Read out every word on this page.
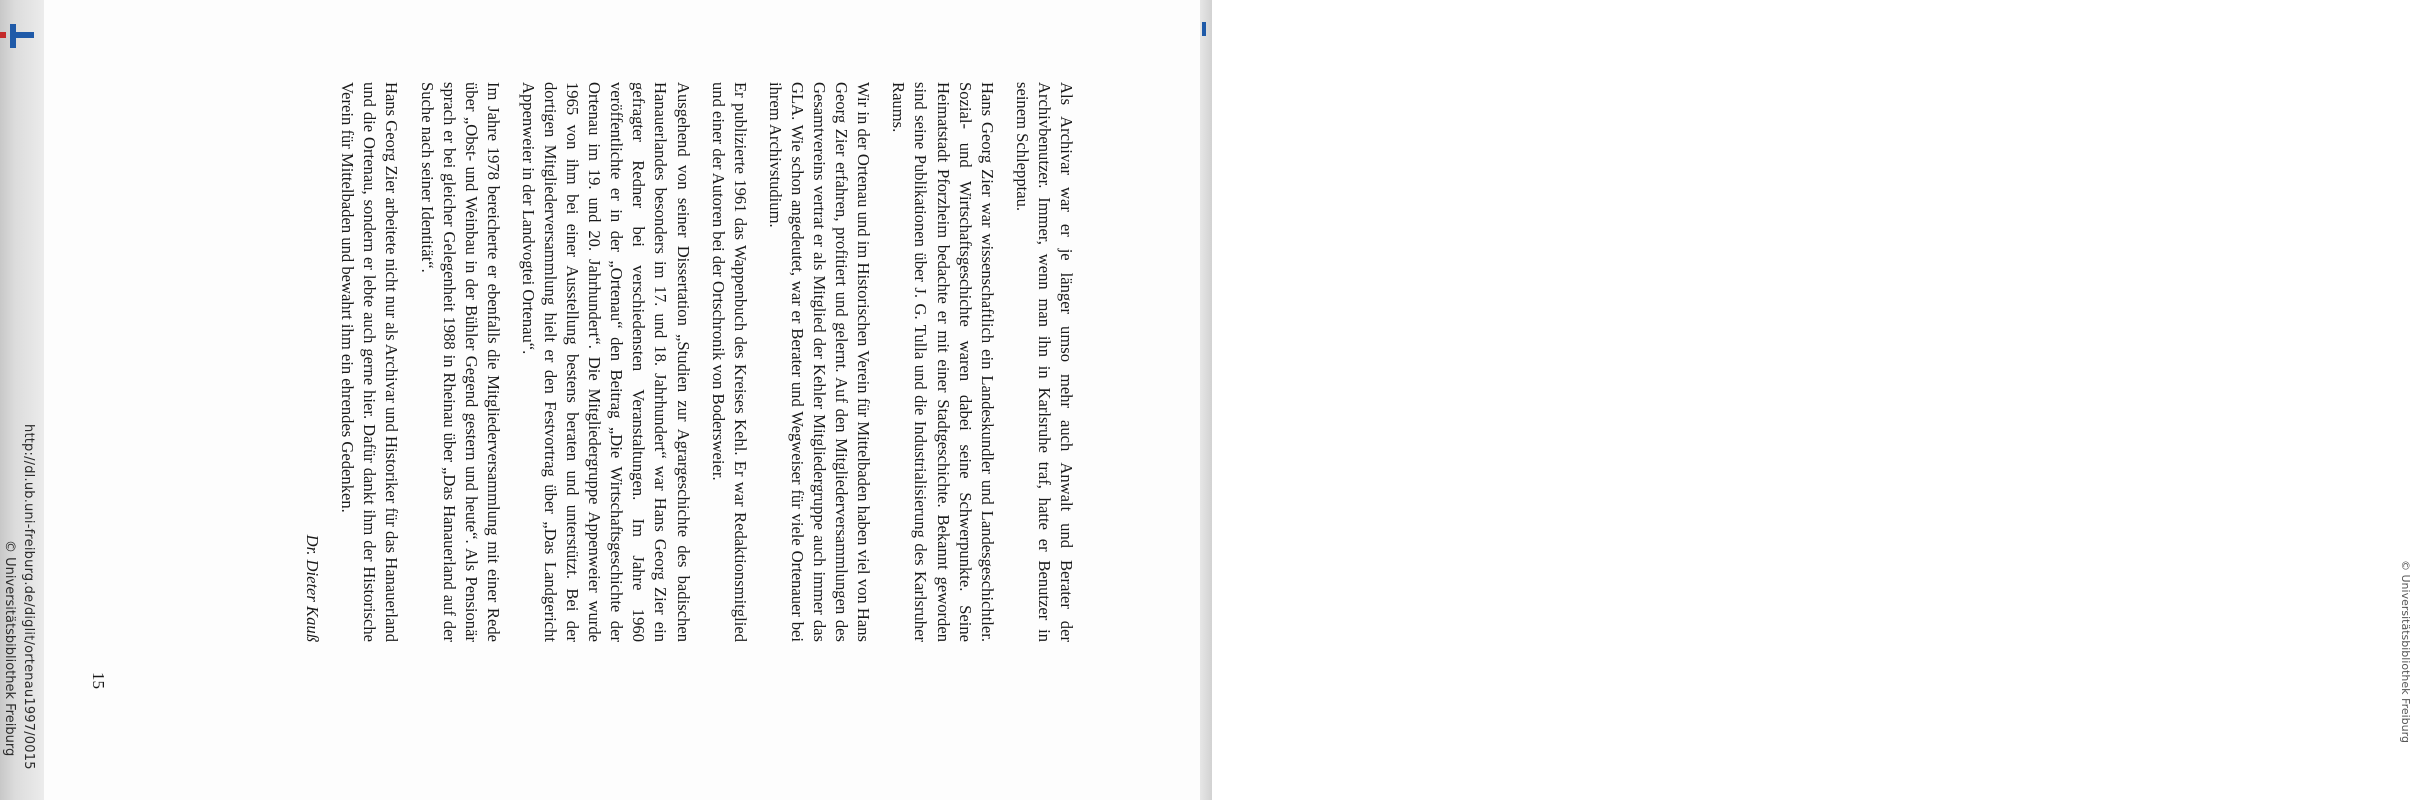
© Universitätsbibliothek Freiburg
http://dl.ub.uni-freiburg.de/diglit/ortenau1997/0015
© Universitätsbibliothek Freiburg

Als Archivar war er je länger umso mehr auch Anwalt und Berater der Archivbenutzer. Immer, wenn man ihn in Karlsruhe traf, hatte er Benutzer in seinem Schlepptau.

Hans Georg Zier war wissenschaftlich ein Landeskundler und Landesgeschichtler. Sozial- und Wirtschaftsgeschichte waren dabei seine Schwerpunkte. Seine Heimatstadt Pforzheim bedachte er mit einer Stadtgeschichte. Bekannt geworden sind seine Publikationen über J. G. Tulla und die Industrialisierung des Karlsruher Raums.

Wir in der Ortenau und im Historischen Verein für Mittelbaden haben viel von Hans Georg Zier erfahren, profitiert und gelernt. Auf den Mitgliederversammlungen des Gesamtvereins vertrat er als Mitglied der Kehler Mitgliedergruppe auch immer das GLA. Wie schon angedeutet, war er Berater und Wegweiser für viele Ortenauer bei ihrem Archivstudium.

Er publizierte 1961 das Wappenbuch des Kreises Kehl. Er war Redaktionsmitglied und einer der Autoren bei der Ortschronik von Bodersweier.

Ausgehend von seiner Dissertation „Studien zur Agrargeschichte des badischen Hanauerlandes besonders im 17. und 18. Jahrhundert“ war Hans Georg Zier ein gefragter Redner bei verschiedensten Veranstaltungen. Im Jahre 1960 veröffentlichte er in der „Ortenau“ den Beitrag „Die Wirtschaftsgeschichte der Ortenau im 19. und 20. Jahrhundert“. Die Mitgliedergruppe Appenweier wurde 1965 von ihm bei einer Ausstellung bestens beraten und unterstützt. Bei der dortigen Mitgliederversammlung hielt er den Festvortrag über „Das Landgericht Appenweier in der Landvogtei Ortenau“.

Im Jahre 1978 bereicherte er ebenfalls die Mitgliederversammlung mit einer Rede über „Obst- und Weinbau in der Bühler Gegend gestern und heute“. Als Pensionär sprach er bei gleicher Gelegenheit 1988 in Rheinau über „Das Hanauerland auf der Suche nach seiner Identität“.

Hans Georg Zier arbeitete nicht nur als Archivar und Historiker für das Hanauerland und die Ortenau, sondern er lebte auch gerne hier. Dafür dankt ihm der Historische Verein für Mittelbaden und bewahrt ihm ein ehrendes Gedenken.

Dr. Dieter Kauß

15
